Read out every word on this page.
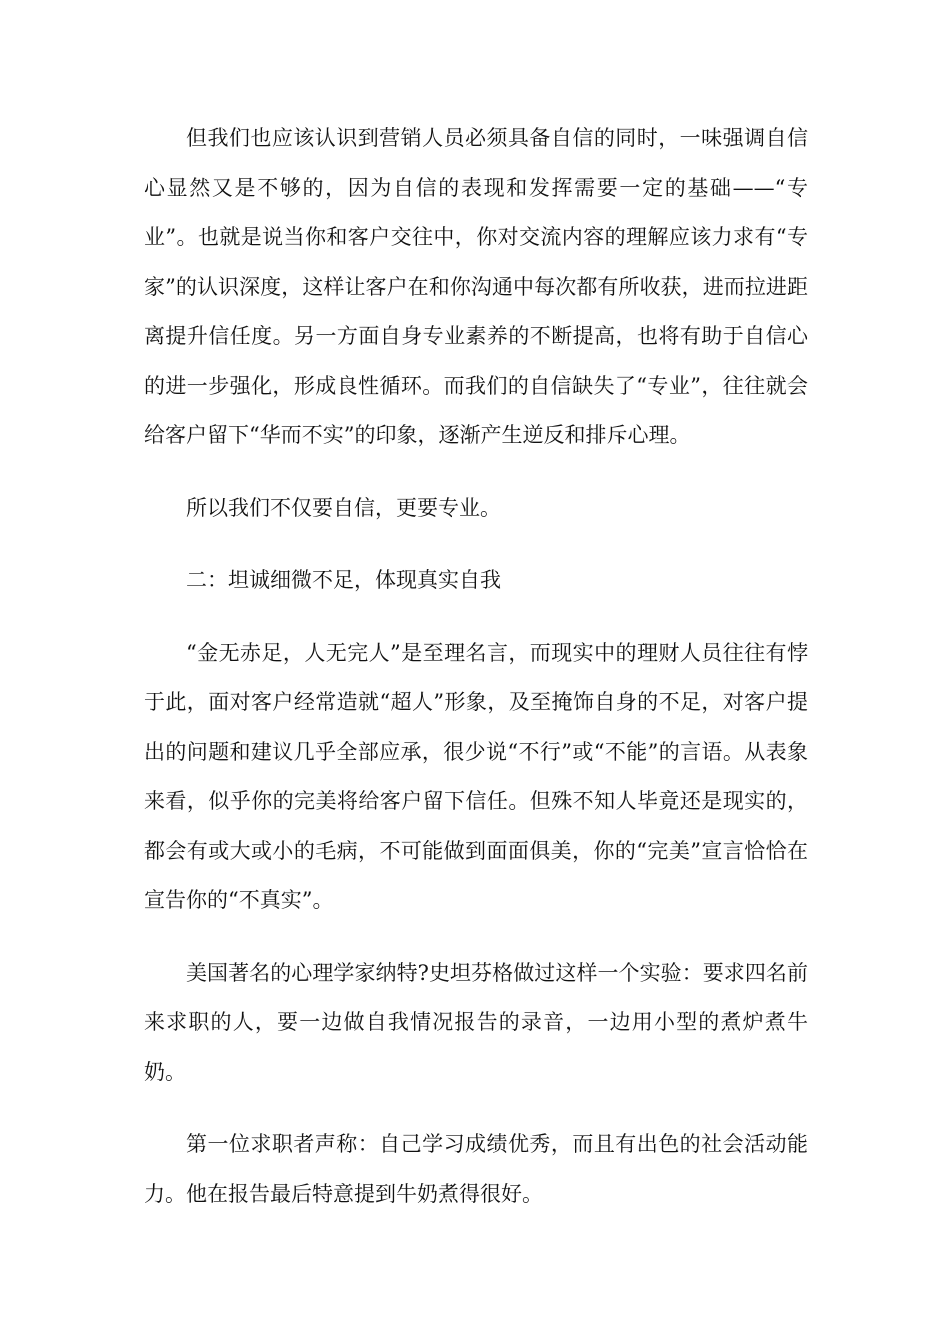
但我们也应该认识到营销人员必须具备自信的同时，一味强调自信心显然又是不够的，因为自信的表现和发挥需要一定的基础——“专业”。也就是说当你和客户交往中，你对交流内容的理解应该力求有“专家”的认识深度，这样让客户在和你沟通中每次都有所收获，进而拉进距离提升信任度。另一方面自身专业素养的不断提高，也将有助于自信心的进一步强化，形成良性循环。而我们的自信缺失了“专业”，往往就会给客户留下“华而不实”的印象，逐渐产生逆反和排斥心理。

所以我们不仅要自信，更要专业。

二：坦诚细微不足，体现真实自我

“金无赤足，人无完人”是至理名言，而现实中的理财人员往往有悖于此，面对客户经常造就“超人”形象，及至掩饰自身的不足，对客户提出的问题和建议几乎全部应承，很少说“不行”或“不能”的言语。从表象来看，似乎你的完美将给客户留下信任。但殊不知人毕竟还是现实的，都会有或大或小的毛病，不可能做到面面俱美，你的“完美”宣言恰恰在宣告你的“不真实”。

美国著名的心理学家纳特?史坦芬格做过这样一个实验：要求四名前来求职的人，要一边做自我情况报告的录音，一边用小型的煮炉煮牛奶。

第一位求职者声称：自己学习成绩优秀，而且有出色的社会活动能力。他在报告最后特意提到牛奶煮得很好。
